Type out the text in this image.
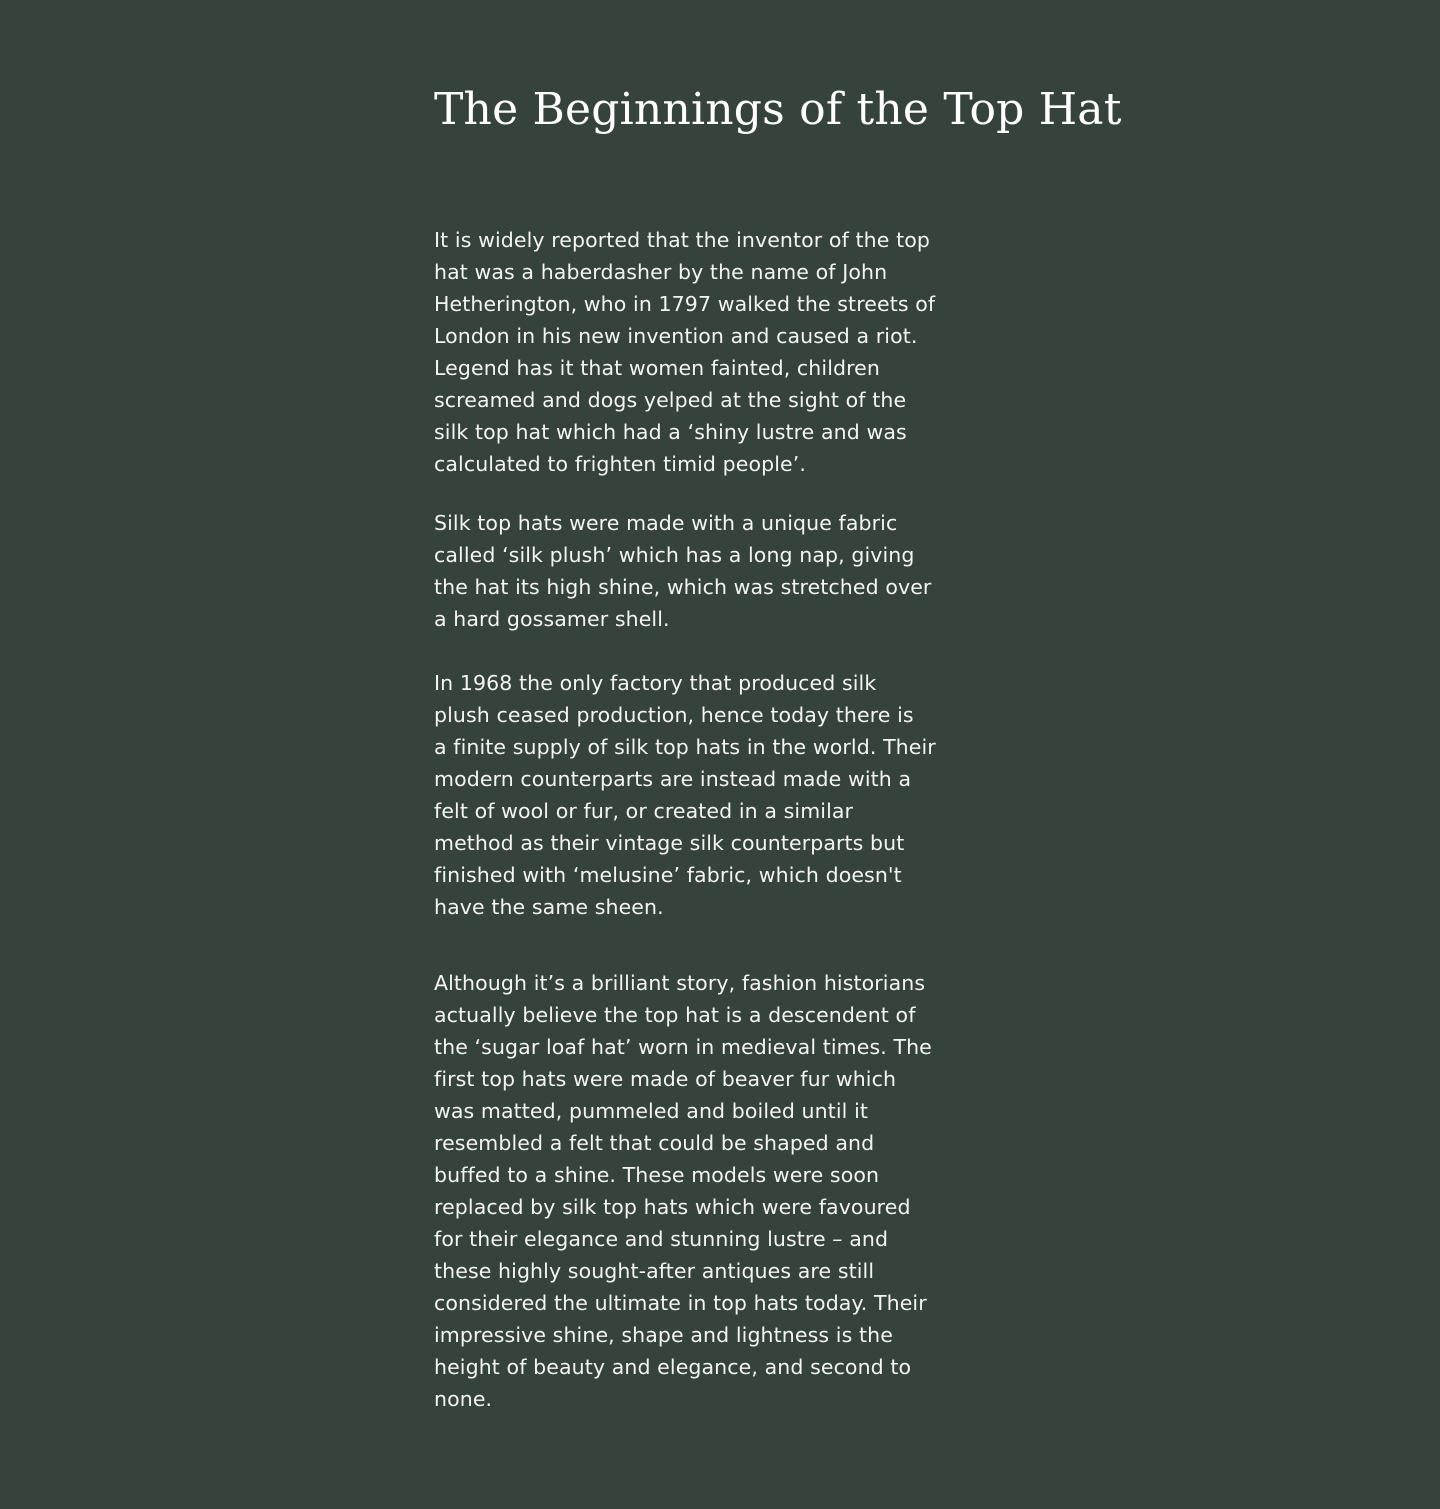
The Beginnings of the Top Hat

It is widely reported that the inventor of the top
hat was a haberdasher by the name of John
Hetherington, who in 1797 walked the streets of
London in his new invention and caused a riot.
Legend has it that women fainted, children
screamed and dogs yelped at the sight of the
silk top hat which had a ‘shiny lustre and was
calculated to frighten timid people’.

Silk top hats were made with a unique fabric
called ‘silk plush’ which has a long nap, giving
the hat its high shine, which was stretched over
a hard gossamer shell.

In 1968 the only factory that produced silk
plush ceased production, hence today there is
a finite supply of silk top hats in the world. Their
modern counterparts are instead made with a
felt of wool or fur, or created in a similar
method as their vintage silk counterparts but
finished with ‘melusine’ fabric, which doesn't
have the same sheen.

Although it’s a brilliant story, fashion historians
actually believe the top hat is a descendent of
the ‘sugar loaf hat’ worn in medieval times. The
first top hats were made of beaver fur which
was matted, pummeled and boiled until it
resembled a felt that could be shaped and
buffed to a shine. These models were soon
replaced by silk top hats which were favoured
for their elegance and stunning lustre – and
these highly sought-after antiques are still
considered the ultimate in top hats today. Their
impressive shine, shape and lightness is the
height of beauty and elegance, and second to
none.
